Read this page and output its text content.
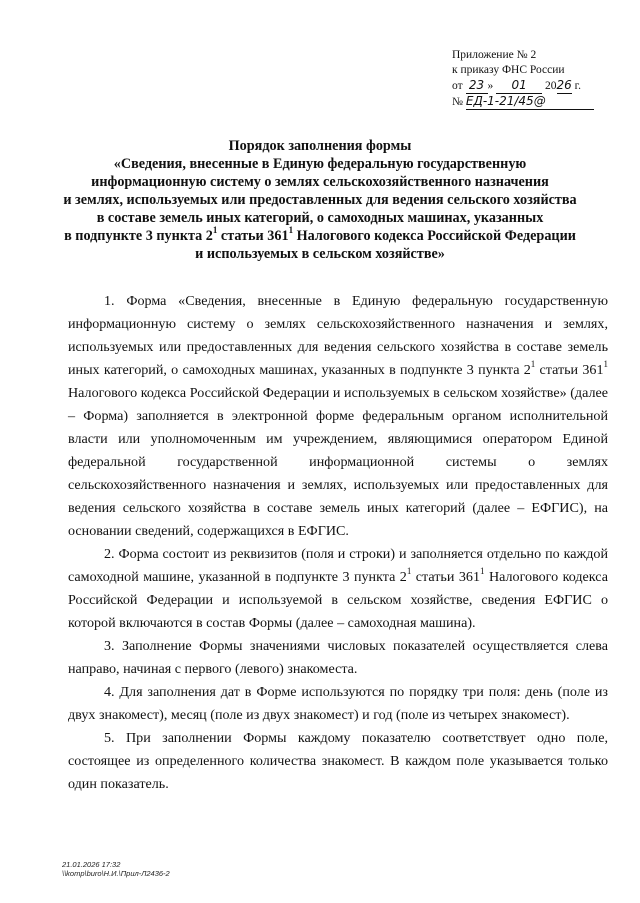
Приложение № 2
к приказу ФНС России
от 23 » 01 2026 г.
№ ЕД-1-21/45@
Порядок заполнения формы
«Сведения, внесенные в Единую федеральную государственную
информационную систему о землях сельскохозяйственного назначения
и землях, используемых или предоставленных для ведения сельского хозяйства
в составе земель иных категорий, о самоходных машинах, указанных
в подпункте 3 пункта $2^1$ статьи $361^1$ Налогового кодекса Российской Федерации
и используемых в сельском хозяйстве»

1. Форма «Сведения, внесенные в Единую федеральную государственную информационную систему о землях сельскохозяйственного назначения и землях, используемых или предоставленных для ведения сельского хозяйства в составе земель иных категорий, о самоходных машинах, указанных в подпункте 3 пункта $2^1$ статьи $361^1$ Налогового кодекса Российской Федерации и используемых в сельском хозяйстве» (далее – Форма) заполняется в электронной форме федеральным органом исполнительной власти или уполномоченным им учреждением, являющимися оператором Единой федеральной государственной информационной системы о землях сельскохозяйственного назначения и землях, используемых или предоставленных для ведения сельского хозяйства в составе земель иных категорий (далее – ЕФГИС), на основании сведений, содержащихся в ЕФГИС.

2. Форма состоит из реквизитов (поля и строки) и заполняется отдельно по каждой самоходной машине, указанной в подпункте 3 пункта $2^1$ статьи $361^1$ Налогового кодекса Российской Федерации и используемой в сельском хозяйстве, сведения ЕФГИС о которой включаются в состав Формы (далее – самоходная машина).

3. Заполнение Формы значениями числовых показателей осуществляется слева направо, начиная с первого (левого) знакоместа.

4. Для заполнения дат в Форме используются по порядку три поля: день (поле из двух знакомест), месяц (поле из двух знакомест) и год (поле из четырех знакомест).

5. При заполнении Формы каждому показателю соответствует одно поле, состоящее из определенного количества знакомест. В каждом поле указывается только один показатель.

21.01.2026 17:32
\\komp\buro\Н.И.\Прил-Л2436-2
